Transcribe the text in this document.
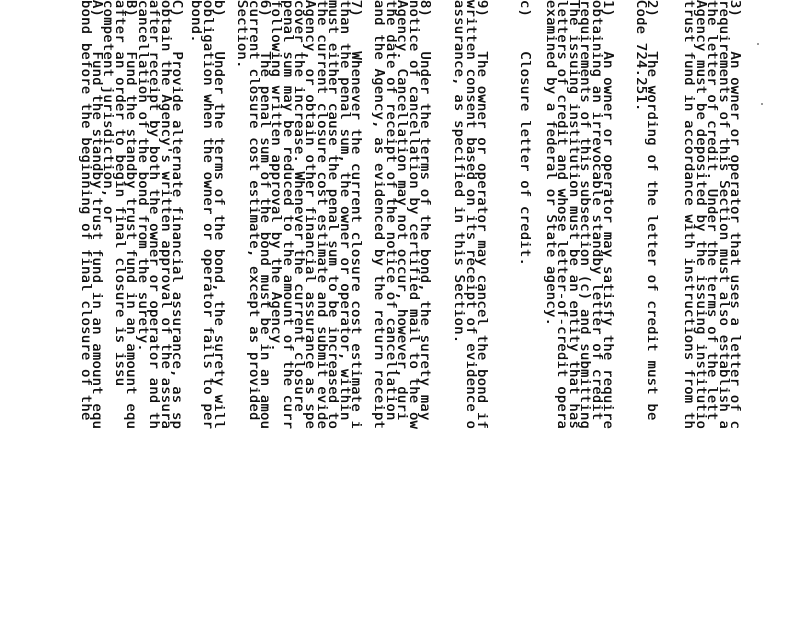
A)    Fund the standby trust fund in an amount equ
bond before the beginning of final closure of the B)    Fund the standby trust fund in an amount equ
after an order to begin final closure is issu
competent jurisdiction, or	C)    Provide alternate financial assurance, as sp
obtain the Agency's written approval of the assura
after receipt by both the owner or operator and th
cancellation of the bond from the surety.	b)    Under the terms of the bond, the surety will
obligation when the owner or operator fails to per
bond.	6)    The penal sum of the bond must be in an amou
current closure cost estimate, except as provided
Section.	7)    Whenever the current closure cost estimate i
than the penal sum, the owner or operator, within
must either cause the penal sum to be increased to
the current closure cost estimate and submit evide
Agency, or obtain other financial assurance as spe
cover the increase. Whenever the current closure
penal sum may be reduced to the amount of the curr
following written approval by the Agency.	8)    Under the terms of the bond, the surety may
notice of cancellation by certified mail to the ow
Agency. Cancellation may not occur, however, duri
the date of receipt of the notice of cancellation
and the Agency, as evidenced by the return receipt	9)    The owner or operator may cancel the bond if
written consent based on its receipt of evidence o
assurance, as specified in this Section.	c)    Closure letter of credit.	1)    An owner or operator may satisfy the require
obtaining an irrevocable standby letter of credit
requirements of this subsection (c) and submitting
The issuing institution must be an entity that has
letters of credit and whose letter-of-credit opera
examined by a federal or State agency.	2)    The wording of the letter of credit must be
Code 724.251.	3)    An owner or operator that uses a letter of c
requirements of this Section must also establish a
the letter of credit. Under the terms of the lett
Agency must be deposited by the issuing institutio
trust fund in accordance with instructions from th
